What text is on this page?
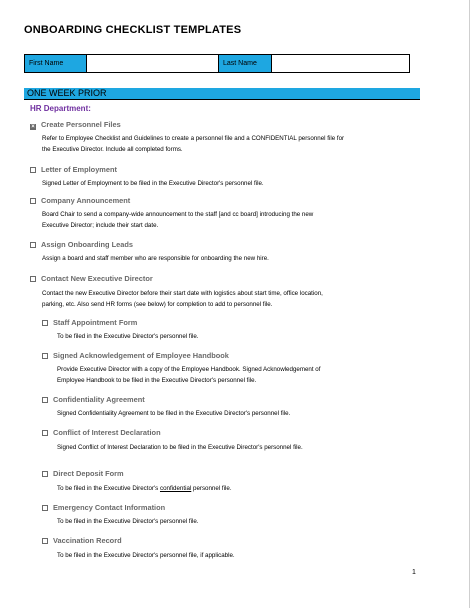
ONBOARDING CHECKLIST TEMPLATES
First Name		Last Name	
ONE WEEK PRIOR
HR Department:
× Create Personnel Files
Refer to Employee Checklist and Guidelines to create a personnel file and a CONFIDENTIAL personnel file for
the Executive Director. Include all completed forms.
Letter of Employment
Signed Letter of Employment to be filed in the Executive Director's personnel file.
Company Announcement
Board Chair to send a company-wide announcement to the staff [and cc board] introducing the new
Executive Director; include their start date.
Assign Onboarding Leads
Assign a board and staff member who are responsible for onboarding the new hire.
Contact New Executive Director
Contact the new Executive Director before their start date with logistics about start time, office location,
parking, etc. Also send HR forms (see below) for completion to add to personnel file.
Staff Appointment Form
To be filed in the Executive Director's personnel file.
Signed Acknowledgement of Employee Handbook
Provide Executive Director with a copy of the Employee Handbook. Signed Acknowledgement of
Employee Handbook to be filed in the Executive Director's personnel file.
Confidentiality Agreement
Signed Confidentiality Agreement to be filed in the Executive Director's personnel file.
Conflict of Interest Declaration
Signed Conflict of Interest Declaration to be filed in the Executive Director's personnel file.
Direct Deposit Form
To be filed in the Executive Director's confidential personnel file.
Emergency Contact Information
To be filed in the Executive Director's personnel file.
Vaccination Record
To be filed in the Executive Director's personnel file, if applicable.
1
